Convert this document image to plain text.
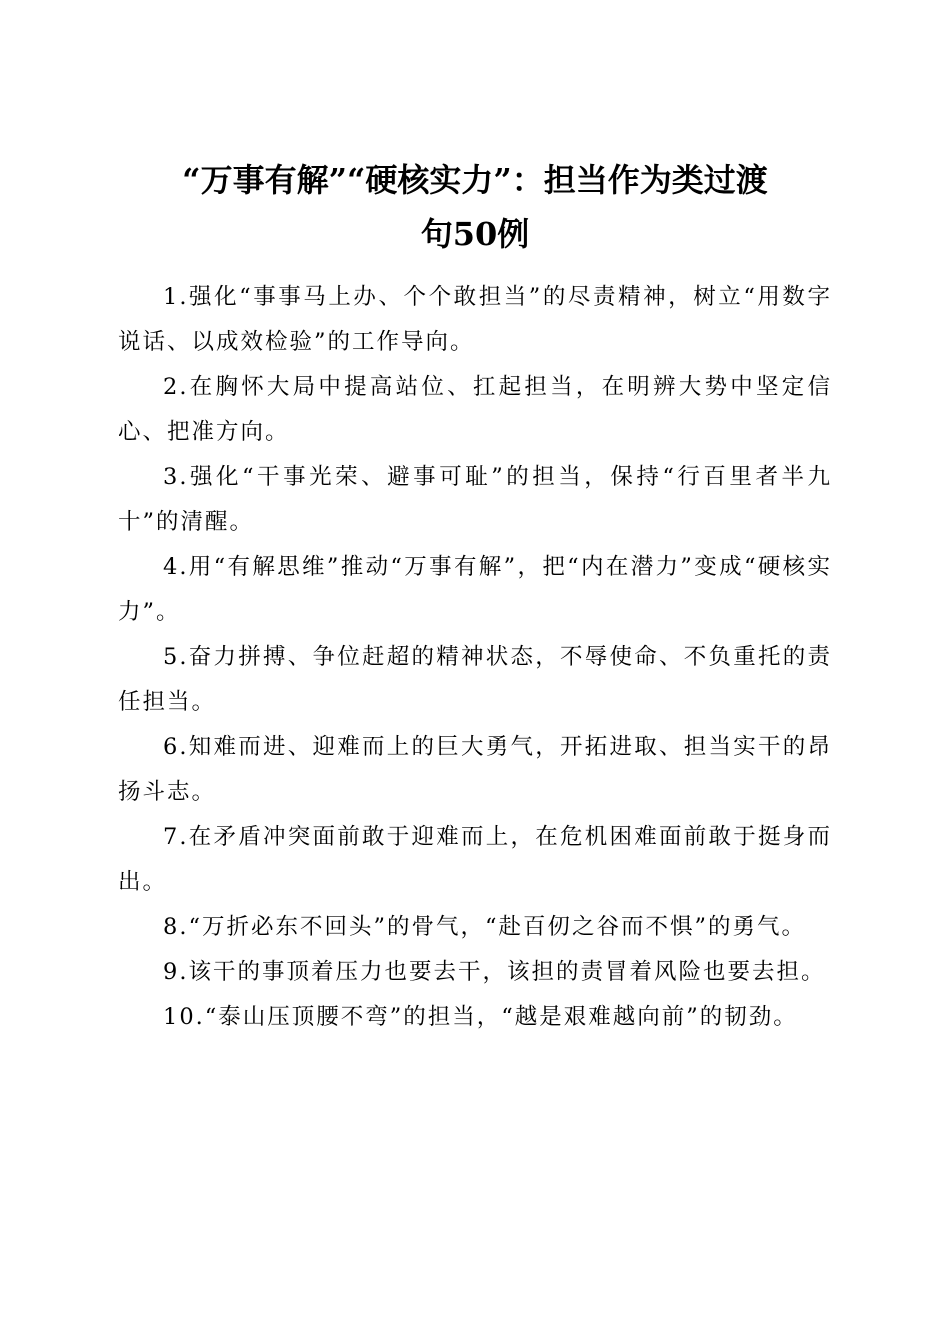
“万事有解”“硬核实力”：担当作为类过渡
句50例

1.强化“事事马上办、个个敢担当”的尽责精神，树立“用数字说话、以成效检验”的工作导向。

2.在胸怀大局中提高站位、扛起担当，在明辨大势中坚定信心、把准方向。

3.强化“干事光荣、避事可耻”的担当，保持“行百里者半九十”的清醒。

4.用“有解思维”推动“万事有解”，把“内在潜力”变成“硬核实力”。

5.奋力拼搏、争位赶超的精神状态，不辱使命、不负重托的责任担当。

6.知难而进、迎难而上的巨大勇气，开拓进取、担当实干的昂扬斗志。

7.在矛盾冲突面前敢于迎难而上，在危机困难面前敢于挺身而出。

8.“万折必东不回头”的骨气，“赴百仞之谷而不惧”的勇气。

9.该干的事顶着压力也要去干，该担的责冒着风险也要去担。

10.“泰山压顶腰不弯”的担当，“越是艰难越向前”的韧劲。
